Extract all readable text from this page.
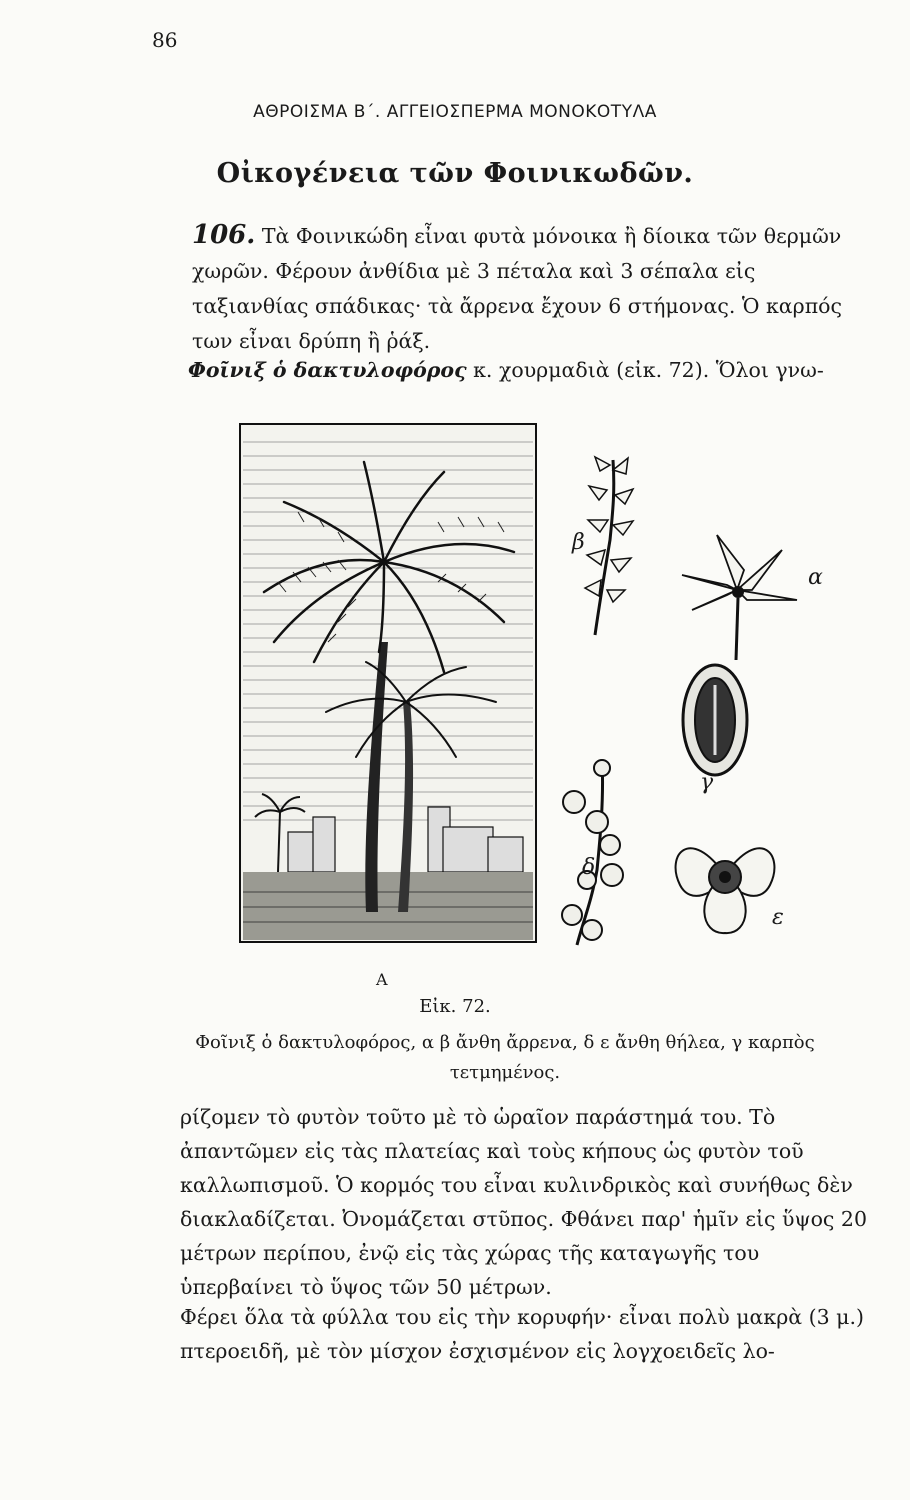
86
ΑΘΡΟΙΣΜΑ Β΄. ΑΓΓΕΙΟΣΠΕΡΜΑ ΜΟΝΟΚΟΤΥΛΑ
Οἰκογένεια τῶν Φοινικωδῶν.
106. Τὰ Φοινικώδη εἶναι φυτὰ μόνοικα ἢ δίοικα τῶν θερμῶν χωρῶν. Φέρουν ἀνθίδια μὲ 3 πέταλα καὶ 3 σέπαλα εἰς ταξιανθίας σπάδικας· τὰ ἄρρενα ἔχουν 6 στήμονας. Ὁ καρπός των εἶναι δρύπη ἢ ῥάξ.
Φοῖνιξ ὁ δακτυλοφόρος κ. χουρμαδιὰ (εἰκ. 72). Ὅλοι γνω-
Α
β
α
γ
δ
ε
Εἰκ. 72.
Φοῖνιξ ὁ δακτυλοφόρος, α β ἄνθη ἄρρενα, δ ε ἄνθη θήλεα, γ καρπὸς τετμημένος.
ρίζομεν τὸ φυτὸν τοῦτο μὲ τὸ ὡραῖον παράστημά του. Τὸ ἀπαντῶμεν εἰς τὰς πλατείας καὶ τοὺς κήπους ὡς φυτὸν τοῦ καλλωπισμοῦ. Ὁ κορμός του εἶναι κυλινδρικὸς καὶ συνήθως δὲν διακλαδίζεται. Ὀνομάζεται στῦπος. Φθάνει παρ' ἡμῖν εἰς ὕψος 20 μέτρων περίπου, ἐνῷ εἰς τὰς χώρας τῆς καταγωγῆς του ὑπερβαίνει τὸ ὕψος τῶν 50 μέτρων.
Φέρει ὅλα τὰ φύλλα του εἰς τὴν κορυφήν· εἶναι πολὺ μακρὰ (3 μ.) πτεροειδῆ, μὲ τὸν μίσχον ἐσχισμένον εἰς λογχοειδεῖς λο-
